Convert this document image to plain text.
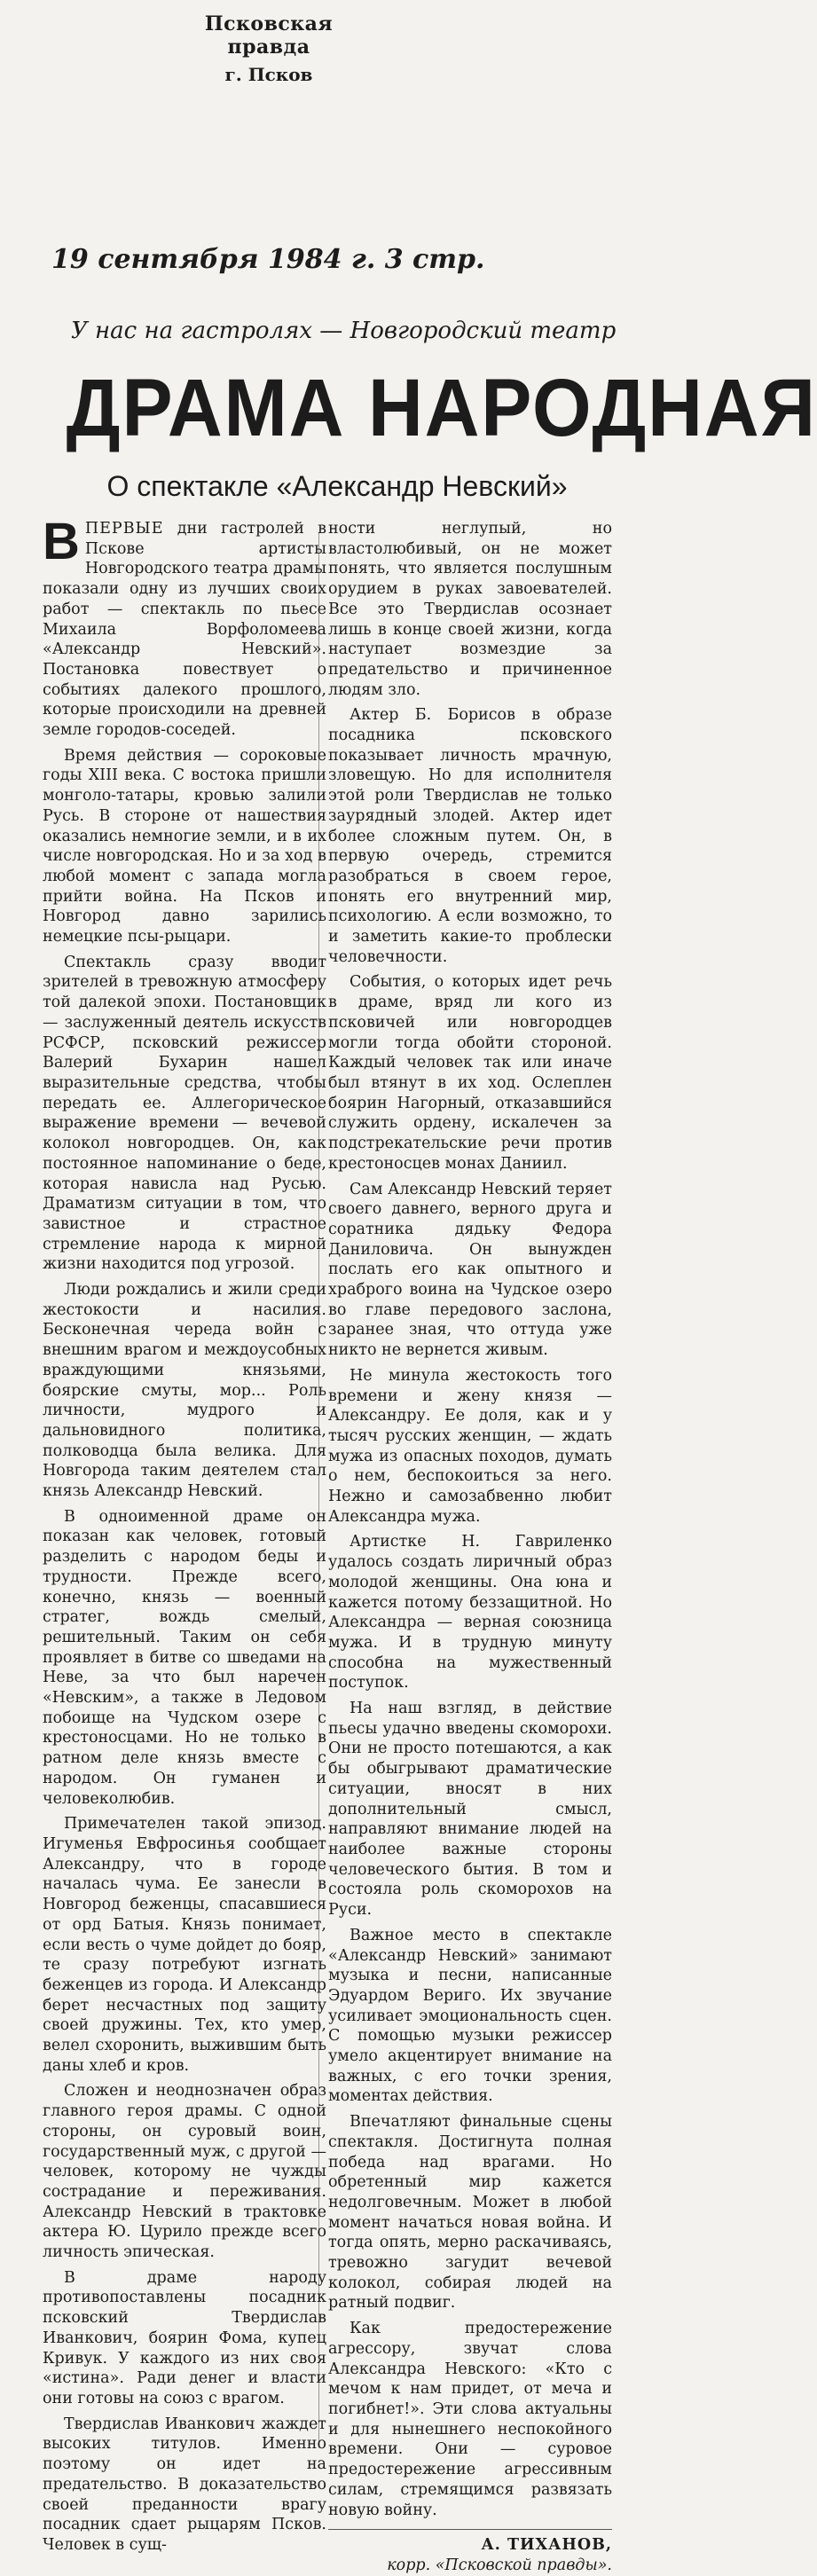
Псковская правда
г. Псков
19 сентября 1984 г. 3 стр.
У нас на гастролях — Новгородский театр
ДРАМА НАРОДНАЯ
О спектакле «Александр Невский»

ВПЕРВЫЕ дни гастролей в Пскове артисты Новгородского театра драмы показали одну из лучших своих работ — спектакль по пьесе Михаила Ворфоломеева «Александр Невский». Постановка повествует о событиях далекого прошлого, которые происходили на древней земле городов-соседей.

Время действия — сороковые годы XIII века. С востока пришли монголо-татары, кровью залили Русь. В стороне от нашествия оказались немногие земли, и в их числе новгородская. Но и за ход в любой момент с запада могла прийти война. На Псков и Новгород давно зарились немецкие псы-рыцари.

Спектакль сразу вводит зрителей в тревожную атмосферу той далекой эпохи. Постановщик— заслуженный деятель искусств РСФСР, псковский режиссер Валерий Бухарин нашел выразительные средства, чтобы передать ее. Аллегорическое выражение времени — вечевой колокол новгородцев. Он, как постоянное напоминание о беде, которая нависла над Русью. Драматизм ситуации в том, что завистное и страстное стремление народа к мирной жизни находится под угрозой.

Люди рождались и жили среди жестокости и насилия. Бесконечная череда войн с внешним врагом и междоусобных враждующими князьями, боярские смуты, мор... Роль личности, мудрого и дальновидного политика, полководца была велика. Для Новгорода таким деятелем стал князь Александр Невский.

В одноименной драме он показан как человек, готовый разделить с народом беды и трудности. Прежде всего, конечно, князь — военный стратег, вождь смелый, решительный. Таким он себя проявляет в битве со шведами на Неве, за что был наречен «Невским», а также в Ледовом побоище на Чудском озере с крестоносцами. Но не только в ратном деле князь вместе с народом. Он гуманен и человеколюбив.

Примечателен такой эпизод. Игуменья Евфросинья сообщает Александру, что в городе началась чума. Ее занесли в Новгород беженцы, спасавшиеся от орд Батыя. Князь понимает, если весть о чуме дойдет до бояр, те сразу потребуют изгнать беженцев из города. И Александр берет несчастных под защиту своей дружины. Тех, кто умер, велел схоронить, выжившим быть даны хлеб и кров.

Сложен и неоднозначен образ главного героя драмы. С одной стороны, он суровый воин, государственный муж, с другой — человек, которому не чужды сострадание и переживания. Александр Невский в трактовке актера Ю. Цурило прежде всего личность эпическая.

В драме народу противопоставлены посадник псковский Твердислав Иванкович, боярин Фома, купец Кривук. У каждого из них своя «истина». Ради денег и власти они готовы на союз с врагом.

Твердислав Иванкович жаждет высоких титулов. Именно поэтому он идет на предательство. В доказательство своей преданности врагу посадник сдает рыцарям Псков. Человек в сущ-

ности неглупый, но властолюбивый, он не может понять, что является послушным орудием в руках завоевателей. Все это Твердислав осознает лишь в конце своей жизни, когда наступает возмездие за предательство и причиненное людям зло.

Актер Б. Борисов в образе посадника псковского показывает личность мрачную, зловещую. Но для исполнителя этой роли Твердислав не только заурядный злодей. Актер идет более сложным путем. Он, в первую очередь, стремится разобраться в своем герое, понять его внутренний мир, психологию. А если возможно, то и заметить какие-то проблески человечности.

События, о которых идет речь в драме, вряд ли кого из псковичей или новгородцев могли тогда обойти стороной. Каждый человек так или иначе был втянут в их ход. Ослеплен боярин Нагорный, отказавшийся служить ордену, искалечен за подстрекательские речи против крестоносцев монах Даниил.

Сам Александр Невский теряет своего давнего, верного друга и соратника дядьку Федора Даниловича. Он вынужден послать его как опытного и храброго воина на Чудское озеро во главе передового заслона, заранее зная, что оттуда уже никто не вернется живым.

Не минула жестокость того времени и жену князя — Александру. Ее доля, как и у тысяч русских женщин, — ждать мужа из опасных походов, думать о нем, беспокоиться за него. Нежно и самозабвенно любит Александра мужа.

Артистке Н. Гавриленко удалось создать лиричный образ молодой женщины. Она юна и кажется потому беззащитной. Но Александра — верная союзница мужа. И в трудную минуту способна на мужественный поступок.

На наш взгляд, в действие пьесы удачно введены скоморохи. Они не просто потешаются, а как бы обыгрывают драматические ситуации, вносят в них дополнительный смысл, направляют внимание людей на наиболее важные стороны человеческого бытия. В том и состояла роль скоморохов на Руси.

Важное место в спектакле «Александр Невский» занимают музыка и песни, написанные Эдуардом Вериго. Их звучание усиливает эмоциональность сцен. С помощью музыки режиссер умело акцентирует внимание на важных, с его точки зрения, моментах действия.

Впечатляют финальные сцены спектакля. Достигнута полная победа над врагами. Но обретенный мир кажется недолговечным. Может в любой момент начаться новая война. И тогда опять, мерно раскачиваясь, тревожно загудит вечевой колокол, собирая людей на ратный подвиг.

Как предостережение агрессору, звучат слова Александра Невского: «Кто с мечом к нам придет, от меча и погибнет!». Эти слова актуальны и для нынешнего неспокойного времени. Они — суровое предостережение агрессивным силам, стремящимся развязать новую войну.

А. ТИХАНОВ,
корр. «Псковской правды».
